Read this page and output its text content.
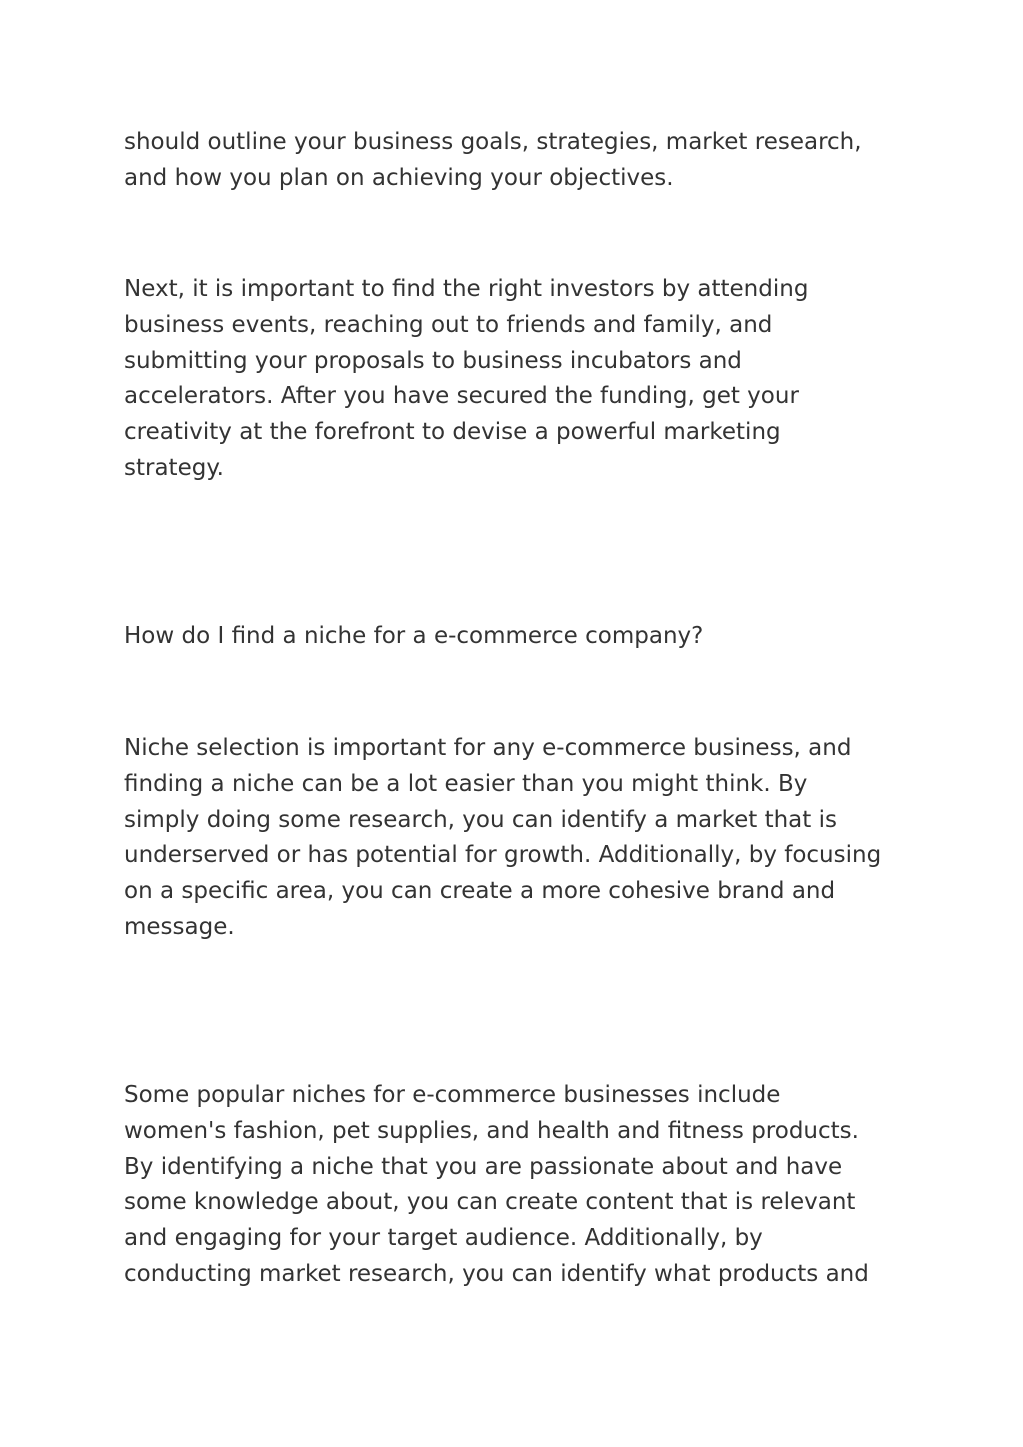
should outline your business goals, strategies, market research,
and how you plan on achieving your objectives.

Next, it is important to find the right investors by attending
business events, reaching out to friends and family, and
submitting your proposals to business incubators and
accelerators. After you have secured the funding, get your
creativity at the forefront to devise a powerful marketing
strategy.

How do I find a niche for a e-commerce company?

Niche selection is important for any e-commerce business, and
finding a niche can be a lot easier than you might think. By
simply doing some research, you can identify a market that is
underserved or has potential for growth. Additionally, by focusing
on a specific area, you can create a more cohesive brand and
message.

Some popular niches for e-commerce businesses include
women's fashion, pet supplies, and health and fitness products.
By identifying a niche that you are passionate about and have
some knowledge about, you can create content that is relevant
and engaging for your target audience. Additionally, by
conducting market research, you can identify what products and
